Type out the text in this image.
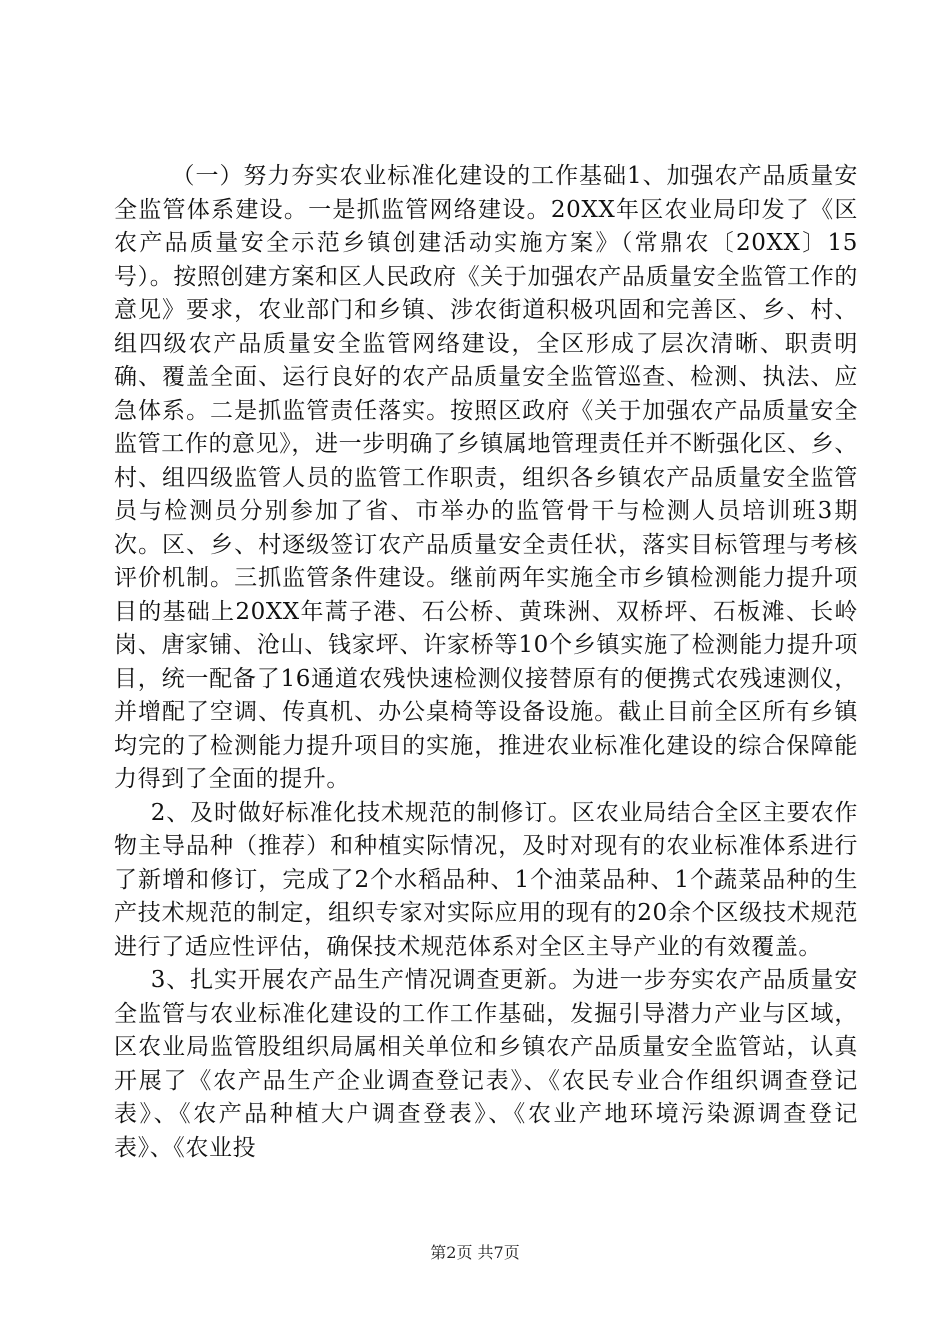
（一）努力夯实农业标准化建设的工作基础1、加强农产品质量安全监管体系建设。一是抓监管网络建设。20XX年区农业局印发了《区农产品质量安全示范乡镇创建活动实施方案》（常鼎农〔20XX〕15号）。按照创建方案和区人民政府《关于加强农产品质量安全监管工作的意见》要求，农业部门和乡镇、涉农街道积极巩固和完善区、乡、村、组四级农产品质量安全监管网络建设，全区形成了层次清晰、职责明确、覆盖全面、运行良好的农产品质量安全监管巡查、检测、执法、应急体系。二是抓监管责任落实。按照区政府《关于加强农产品质量安全监管工作的意见》，进一步明确了乡镇属地管理责任并不断强化区、乡、村、组四级监管人员的监管工作职责，组织各乡镇农产品质量安全监管员与检测员分别参加了省、市举办的监管骨干与检测人员培训班3期次。区、乡、村逐级签订农产品质量安全责任状，落实目标管理与考核评价机制。三抓监管条件建设。继前两年实施全市乡镇检测能力提升项目的基础上20XX年蒿子港、石公桥、黄珠洲、双桥坪、石板滩、长岭岗、唐家铺、沧山、钱家坪、许家桥等10个乡镇实施了检测能力提升项目，统一配备了16通道农残快速检测仪接替原有的便携式农残速测仪，并增配了空调、传真机、办公桌椅等设备设施。截止目前全区所有乡镇均完的了检测能力提升项目的实施，推进农业标准化建设的综合保障能力得到了全面的提升。

2、及时做好标准化技术规范的制修订。区农业局结合全区主要农作物主导品种（推荐）和种植实际情况，及时对现有的农业标准体系进行了新增和修订，完成了2个水稻品种、1个油菜品种、1个蔬菜品种的生产技术规范的制定，组织专家对实际应用的现有的20余个区级技术规范进行了适应性评估，确保技术规范体系对全区主导产业的有效覆盖。

3、扎实开展农产品生产情况调查更新。为进一步夯实农产品质量安全监管与农业标准化建设的工作工作基础，发掘引导潜力产业与区域，区农业局监管股组织局属相关单位和乡镇农产品质量安全监管站，认真开展了《农产品生产企业调查登记表》、《农民专业合作组织调查登记表》、《农产品种植大户调查登表》、《农业产地环境污染源调查登记表》、《农业投

第2页 共7页
